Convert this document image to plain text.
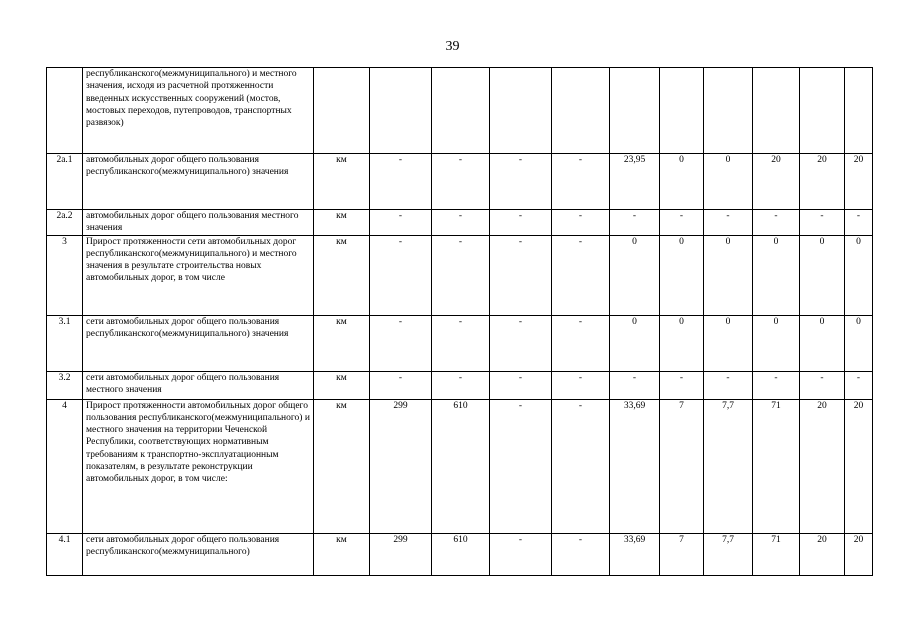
39
	республиканского(межмуниципального) и местного значения, исходя из расчетной протяженности введенных искусственных сооружений (мостов, мостовых переходов, путепроводов, транспортных развязок)											
2а.1	автомобильных дорог общего пользования республиканского(межмуниципального) значения	км	-	-	-	-	23,95	0	0	20	20	20
2а.2	автомобильных дорог общего пользования местного значения	км	-	-	-	-	-	-	-	-	-	-
3	Прирост протяженности сети автомобильных дорог республиканского(межмуниципального) и местного значения в результате строительства новых автомобильных дорог, в том числе	км	-	-	-	-	0	0	0	0	0	0
3.1	сети автомобильных дорог общего пользования республиканского(межмуниципального) значения	км	-	-	-	-	0	0	0	0	0	0
3.2	сети автомобильных дорог общего пользования местного значения	км	-	-	-	-	-	-	-	-	-	-
4	Прирост протяженности автомобильных дорог общего пользования республиканского(межмуниципального) и местного значения на территории Чеченской Республики, соответствующих нормативным требованиям к транспортно-эксплуатационным показателям, в результате реконструкции автомобильных дорог, в том числе:	км	299	610	-	-	33,69	7	7,7	71	20	20
4.1	сети автомобильных дорог общего пользования республиканского(межмуниципального)	км	299	610	-	-	33,69	7	7,7	71	20	20
